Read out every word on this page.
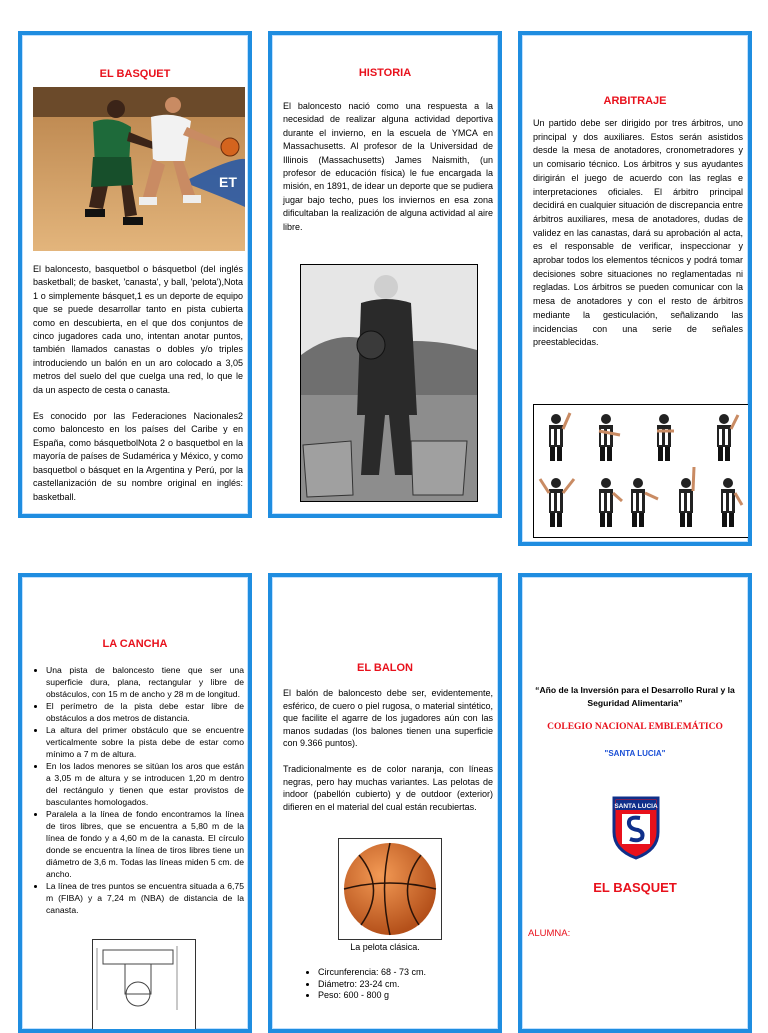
EL BASQUET
ET

El baloncesto, basquetbol o básquetbol (del inglés basketball; de basket, 'canasta', y ball, 'pelota'),Nota 1 o simplemente básquet,1 es un deporte de equipo que se puede desarrollar tanto en pista cubierta como en descubierta, en el que dos conjuntos de cinco jugadores cada uno, intentan anotar puntos, también llamados canastas o dobles y/o triples introduciendo un balón en un aro colocado a 3,05 metros del suelo del que cuelga una red, lo que le da un aspecto de cesta o canasta.

Es conocido por las Federaciones Nacionales2 como baloncesto en los países del Caribe y en España, como básquetbolNota 2 o basquetbol en la mayoría de países de Sudamérica y México, y como basquetbol o básquet en la Argentina y Perú, por la castellanización de su nombre original en inglés: basketball.

HISTORIA

El baloncesto nació como una respuesta a la necesidad de realizar alguna actividad deportiva durante el invierno, en la escuela de YMCA en Massachusetts. Al profesor de la Universidad de Illinois (Massachusetts) James Naismith, (un profesor de educación física) le fue encargada la misión, en 1891, de idear un deporte que se pudiera jugar bajo techo, pues los inviernos en esa zona dificultaban la realización de alguna actividad al aire libre.

ARBITRAJE

Un partido debe ser dirigido por tres árbitros, uno principal y dos auxiliares. Estos serán asistidos desde la mesa de anotadores, cronometradores y un comisario técnico. Los árbitros y sus ayudantes dirigirán el juego de acuerdo con las reglas e interpretaciones oficiales. El árbitro principal decidirá en cualquier situación de discrepancia entre árbitros auxiliares, mesa de anotadores, dudas de validez en las canastas, dará su aprobación al acta, es el responsable de verificar, inspeccionar y aprobar todos los elementos técnicos y podrá tomar decisiones sobre situaciones no reglamentadas ni regladas. Los árbitros se pueden comunicar con la mesa de anotadores y con el resto de árbitros mediante la gesticulación, señalizando las incidencias con una serie de señales preestablecidas.

LA CANCHA
• Una pista de baloncesto tiene que ser una superficie dura, plana, rectangular y libre de obstáculos, con 15 m de ancho y 28 m de longitud.
• El perímetro de la pista debe estar libre de obstáculos a dos metros de distancia.
• La altura del primer obstáculo que se encuentre verticalmente sobre la pista debe de estar como mínimo a 7 m de altura.
• En los lados menores se sitúan los aros que están a 3,05 m de altura y se introducen 1,20 m dentro del rectángulo y tienen que estar provistos de basculantes homologados.
• Paralela a la línea de fondo encontramos la línea de tiros libres, que se encuentra a 5,80 m de la línea de fondo y a 4,60 m de la canasta. El círculo donde se encuentra la línea de tiros libres tiene un diámetro de 3,6 m. Todas las líneas miden 5 cm. de ancho.
• La línea de tres puntos se encuentra situada a 6,75 m (FIBA) y a 7,24 m (NBA) de distancia de la canasta.
EL BALON

El balón de baloncesto debe ser, evidentemente, esférico, de cuero o piel rugosa, o material sintético, que facilite el agarre de los jugadores aún con las manos sudadas (los balones tienen una superficie con 9.366 puntos).

Tradicionalmente es de color naranja, con líneas negras, pero hay muchas variantes. Las pelotas de indoor (pabellón cubierto) y de outdoor (exterior) difieren en el material del cual están recubiertas.

La pelota clásica.
• Circunferencia: 68 - 73 cm.
• Diámetro: 23-24 cm.
• Peso: 600 - 800 g
“Año de la Inversión para el Desarrollo Rural y la Seguridad Alimentaria”
COLEGIO NACIONAL EMBLEMÁTICO
"SANTA LUCIA"
SANTA LUCIA
EL BASQUET
ALUMNA:
